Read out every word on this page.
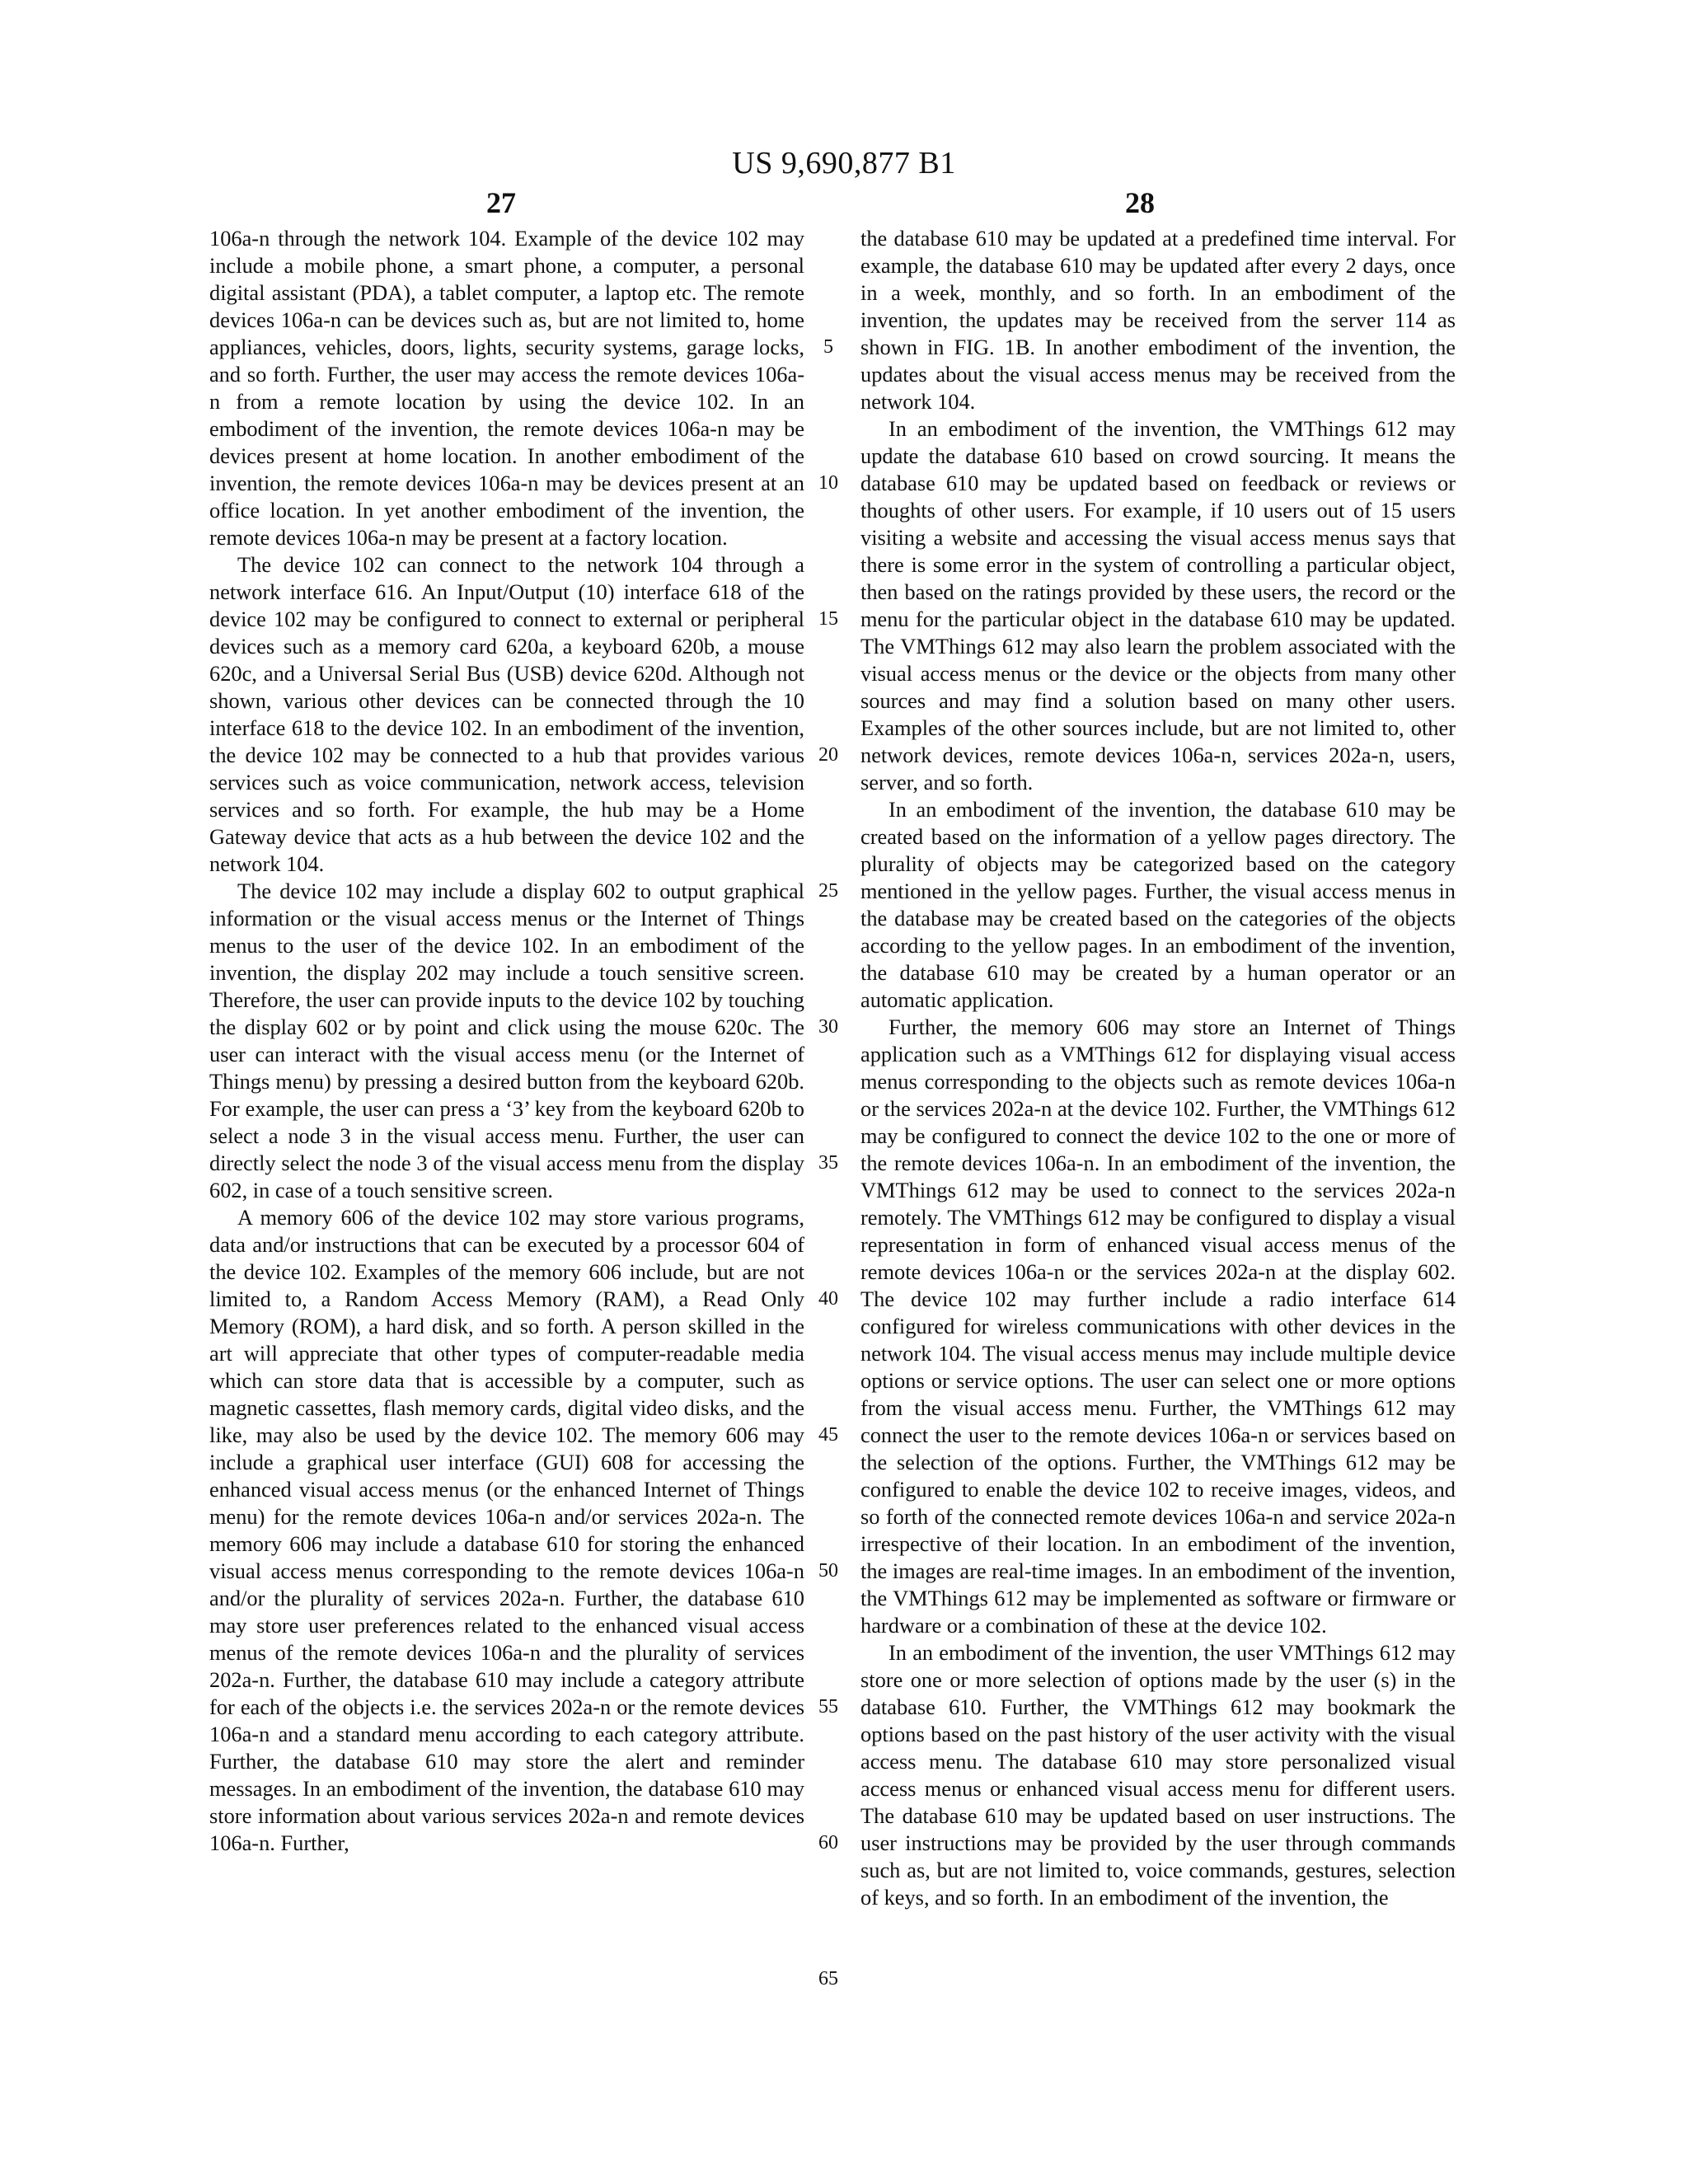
US 9,690,877 B1
27	28

106a-n through the network 104. Example of the device 102 may include a mobile phone, a smart phone, a computer, a personal digital assistant (PDA), a tablet computer, a laptop etc. The remote devices 106a-n can be devices such as, but are not limited to, home appliances, vehicles, doors, lights, security systems, garage locks, and so forth. Further, the user may access the remote devices 106a-n from a remote location by using the device 102. In an embodiment of the invention, the remote devices 106a-n may be devices present at home location. In another embodiment of the invention, the remote devices 106a-n may be devices present at an office location. In yet another embodiment of the invention, the remote devices 106a-n may be present at a factory location.

The device 102 can connect to the network 104 through a network interface 616. An Input/Output (10) interface 618 of the device 102 may be configured to connect to external or peripheral devices such as a memory card 620a, a keyboard 620b, a mouse 620c, and a Universal Serial Bus (USB) device 620d. Although not shown, various other devices can be connected through the 10 interface 618 to the device 102. In an embodiment of the invention, the device 102 may be connected to a hub that provides various services such as voice communication, network access, television services and so forth. For example, the hub may be a Home Gateway device that acts as a hub between the device 102 and the network 104.

The device 102 may include a display 602 to output graphical information or the visual access menus or the Internet of Things menus to the user of the device 102. In an embodiment of the invention, the display 202 may include a touch sensitive screen. Therefore, the user can provide inputs to the device 102 by touching the display 602 or by point and click using the mouse 620c. The user can interact with the visual access menu (or the Internet of Things menu) by pressing a desired button from the keyboard 620b. For example, the user can press a ‘3’ key from the keyboard 620b to select a node 3 in the visual access menu. Further, the user can directly select the node 3 of the visual access menu from the display 602, in case of a touch sensitive screen.

A memory 606 of the device 102 may store various programs, data and/or instructions that can be executed by a processor 604 of the device 102. Examples of the memory 606 include, but are not limited to, a Random Access Memory (RAM), a Read Only Memory (ROM), a hard disk, and so forth. A person skilled in the art will appreciate that other types of computer-readable media which can store data that is accessible by a computer, such as magnetic cassettes, flash memory cards, digital video disks, and the like, may also be used by the device 102. The memory 606 may include a graphical user interface (GUI) 608 for accessing the enhanced visual access menus (or the enhanced Internet of Things menu) for the remote devices 106a-n and/or services 202a-n. The memory 606 may include a database 610 for storing the enhanced visual access menus corresponding to the remote devices 106a-n and/or the plurality of services 202a-n. Further, the database 610 may store user preferences related to the enhanced visual access menus of the remote devices 106a-n and the plurality of services 202a-n. Further, the database 610 may include a category attribute for each of the objects i.e. the services 202a-n or the remote devices 106a-n and a standard menu according to each category attribute. Further, the database 610 may store the alert and reminder messages. In an embodiment of the invention, the database 610 may store information about various services 202a-n and remote devices 106a-n. Further,

5
10
15
20
25
30
35
40
45
50
55
60
65

the database 610 may be updated at a predefined time interval. For example, the database 610 may be updated after every 2 days, once in a week, monthly, and so forth. In an embodiment of the invention, the updates may be received from the server 114 as shown in FIG. 1B. In another embodiment of the invention, the updates about the visual access menus may be received from the network 104.

In an embodiment of the invention, the VMThings 612 may update the database 610 based on crowd sourcing. It means the database 610 may be updated based on feedback or reviews or thoughts of other users. For example, if 10 users out of 15 users visiting a website and accessing the visual access menus says that there is some error in the system of controlling a particular object, then based on the ratings provided by these users, the record or the menu for the particular object in the database 610 may be updated. The VMThings 612 may also learn the problem associated with the visual access menus or the device or the objects from many other sources and may find a solution based on many other users. Examples of the other sources include, but are not limited to, other network devices, remote devices 106a-n, services 202a-n, users, server, and so forth.

In an embodiment of the invention, the database 610 may be created based on the information of a yellow pages directory. The plurality of objects may be categorized based on the category mentioned in the yellow pages. Further, the visual access menus in the database may be created based on the categories of the objects according to the yellow pages. In an embodiment of the invention, the database 610 may be created by a human operator or an automatic application.

Further, the memory 606 may store an Internet of Things application such as a VMThings 612 for displaying visual access menus corresponding to the objects such as remote devices 106a-n or the services 202a-n at the device 102. Further, the VMThings 612 may be configured to connect the device 102 to the one or more of the remote devices 106a-n. In an embodiment of the invention, the VMThings 612 may be used to connect to the services 202a-n remotely. The VMThings 612 may be configured to display a visual representation in form of enhanced visual access menus of the remote devices 106a-n or the services 202a-n at the display 602. The device 102 may further include a radio interface 614 configured for wireless communications with other devices in the network 104. The visual access menus may include multiple device options or service options. The user can select one or more options from the visual access menu. Further, the VMThings 612 may connect the user to the remote devices 106a-n or services based on the selection of the options. Further, the VMThings 612 may be configured to enable the device 102 to receive images, videos, and so forth of the connected remote devices 106a-n and service 202a-n irrespective of their location. In an embodiment of the invention, the images are real-time images. In an embodiment of the invention, the VMThings 612 may be implemented as software or firmware or hardware or a combination of these at the device 102.

In an embodiment of the invention, the user VMThings 612 may store one or more selection of options made by the user (s) in the database 610. Further, the VMThings 612 may bookmark the options based on the past history of the user activity with the visual access menu. The database 610 may store personalized visual access menus or enhanced visual access menu for different users. The database 610 may be updated based on user instructions. The user instructions may be provided by the user through commands such as, but are not limited to, voice commands, gestures, selection of keys, and so forth. In an embodiment of the invention, the
